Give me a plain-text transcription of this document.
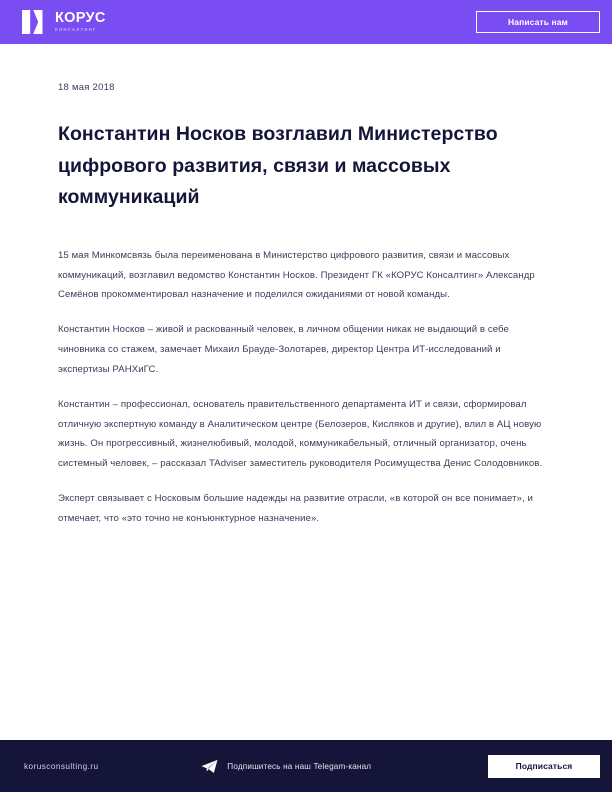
КОРУС
КОНСАЛТИНГ
Написать нам
18 мая 2018
Константин Носков возглавил Министерство цифрового развития, связи и массовых коммуникаций

15 мая Минкомсвязь была переименована в Министерство цифрового развития, связи и массовых коммуникаций, возглавил ведомство Константин Носков. Президент ГК «КОРУС Консалтинг» Александр Семёнов прокомментировал назначение и поделился ожиданиями от новой команды.

Константин Носков – живой и раскованный человек, в личном общении никак не выдающий в себе чиновника со стажем, замечает Михаил Брауде-Золотарев, директор Центра ИТ-исследований и экспертизы РАНХиГС.

Константин – профессионал, основатель правительственного департамента ИТ и связи, сформировал отличную экспертную команду в Аналитическом центре (Белозеров, Кисляков и другие), влил в АЦ новую жизнь. Он прогрессивный, жизнелюбивый, молодой, коммуникабельный, отличный организатор, очень системный человек, – рассказал TAdviser заместитель руководителя Росимущества Денис Солодовников.

Эксперт связывает с Носковым большие надежды на развитие отрасли, «в которой он все понимает», и отмечает, что «это точно не конъюнктурное назначение».

korusconsulting.ru	Подпишитесь на наш Telegam-канал	Подписаться
